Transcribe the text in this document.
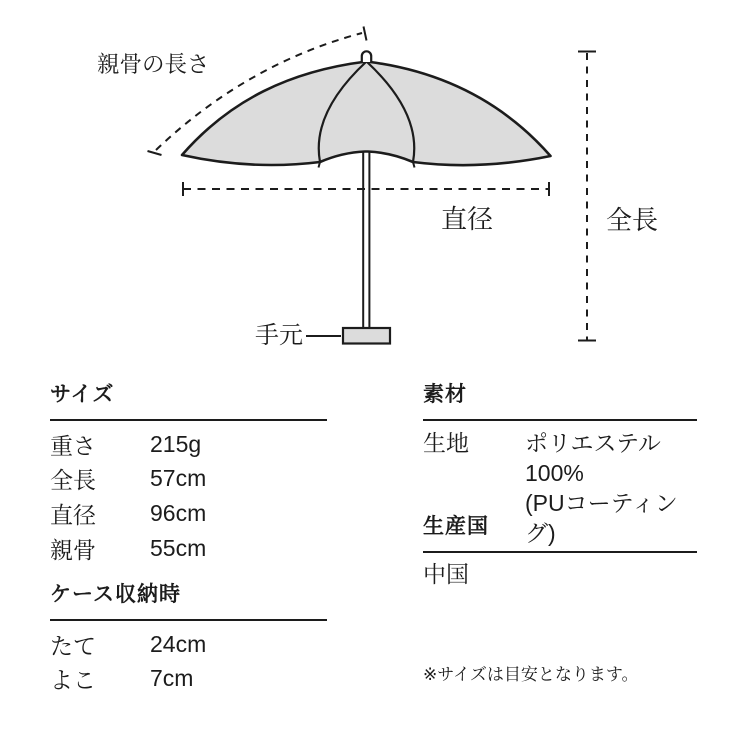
親骨の長さ
直径	全長
手元
サイズ
重さ	215g
全長	57cm
直径	96cm
親骨	55cm
ケース収納時
たて	24cm
よこ	7cm
素材
生地	ポリエステル100%
(PUコーティング)
生産国
中国
※サイズは目安となります。
